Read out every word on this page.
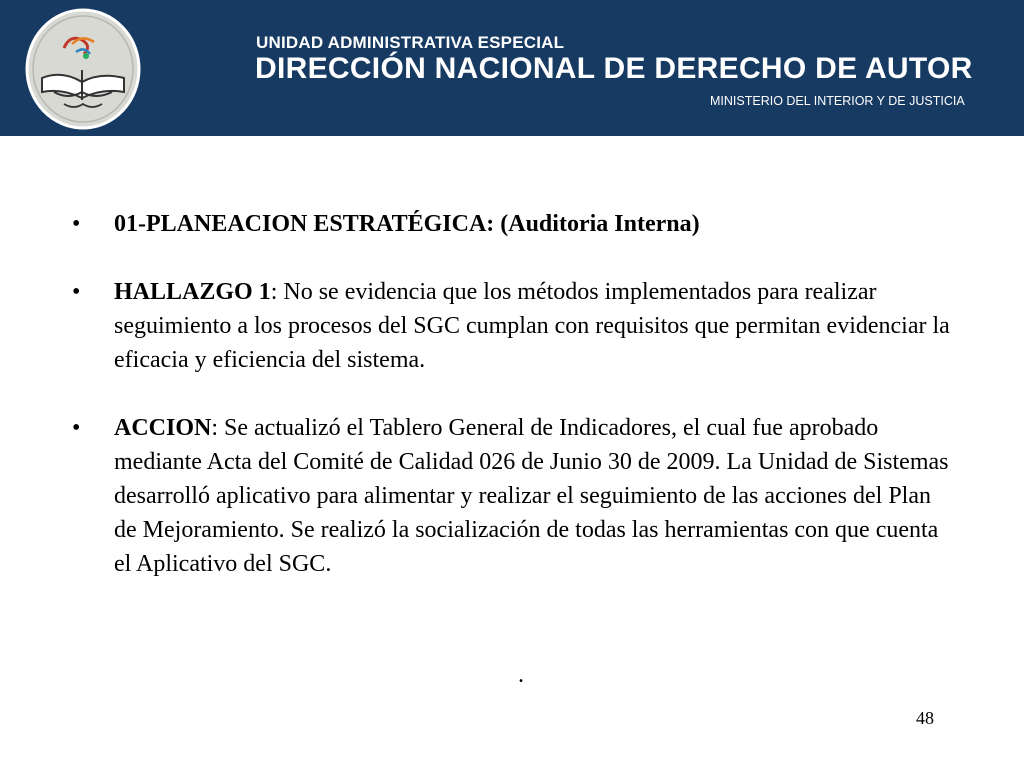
UNIDAD ADMINISTRATIVA ESPECIAL
DIRECCIÓN NACIONAL DE DERECHO DE AUTOR
MINISTERIO DEL INTERIOR Y DE JUSTICIA
• 01-PLANEACION ESTRATÉGICA: (Auditoria Interna)
• HALLAZGO 1: No se evidencia que los métodos implementados para realizar seguimiento a los procesos del SGC cumplan con requisitos que permitan evidenciar la eficacia y eficiencia del sistema.
• ACCION: Se actualizó el Tablero General de Indicadores, el cual fue aprobado mediante Acta del Comité de Calidad 026 de Junio 30 de 2009. La Unidad de Sistemas desarrolló aplicativo para alimentar y realizar el seguimiento de las acciones del Plan de Mejoramiento. Se realizó la socialización de todas las herramientas con que cuenta el Aplicativo del SGC.
.
48
